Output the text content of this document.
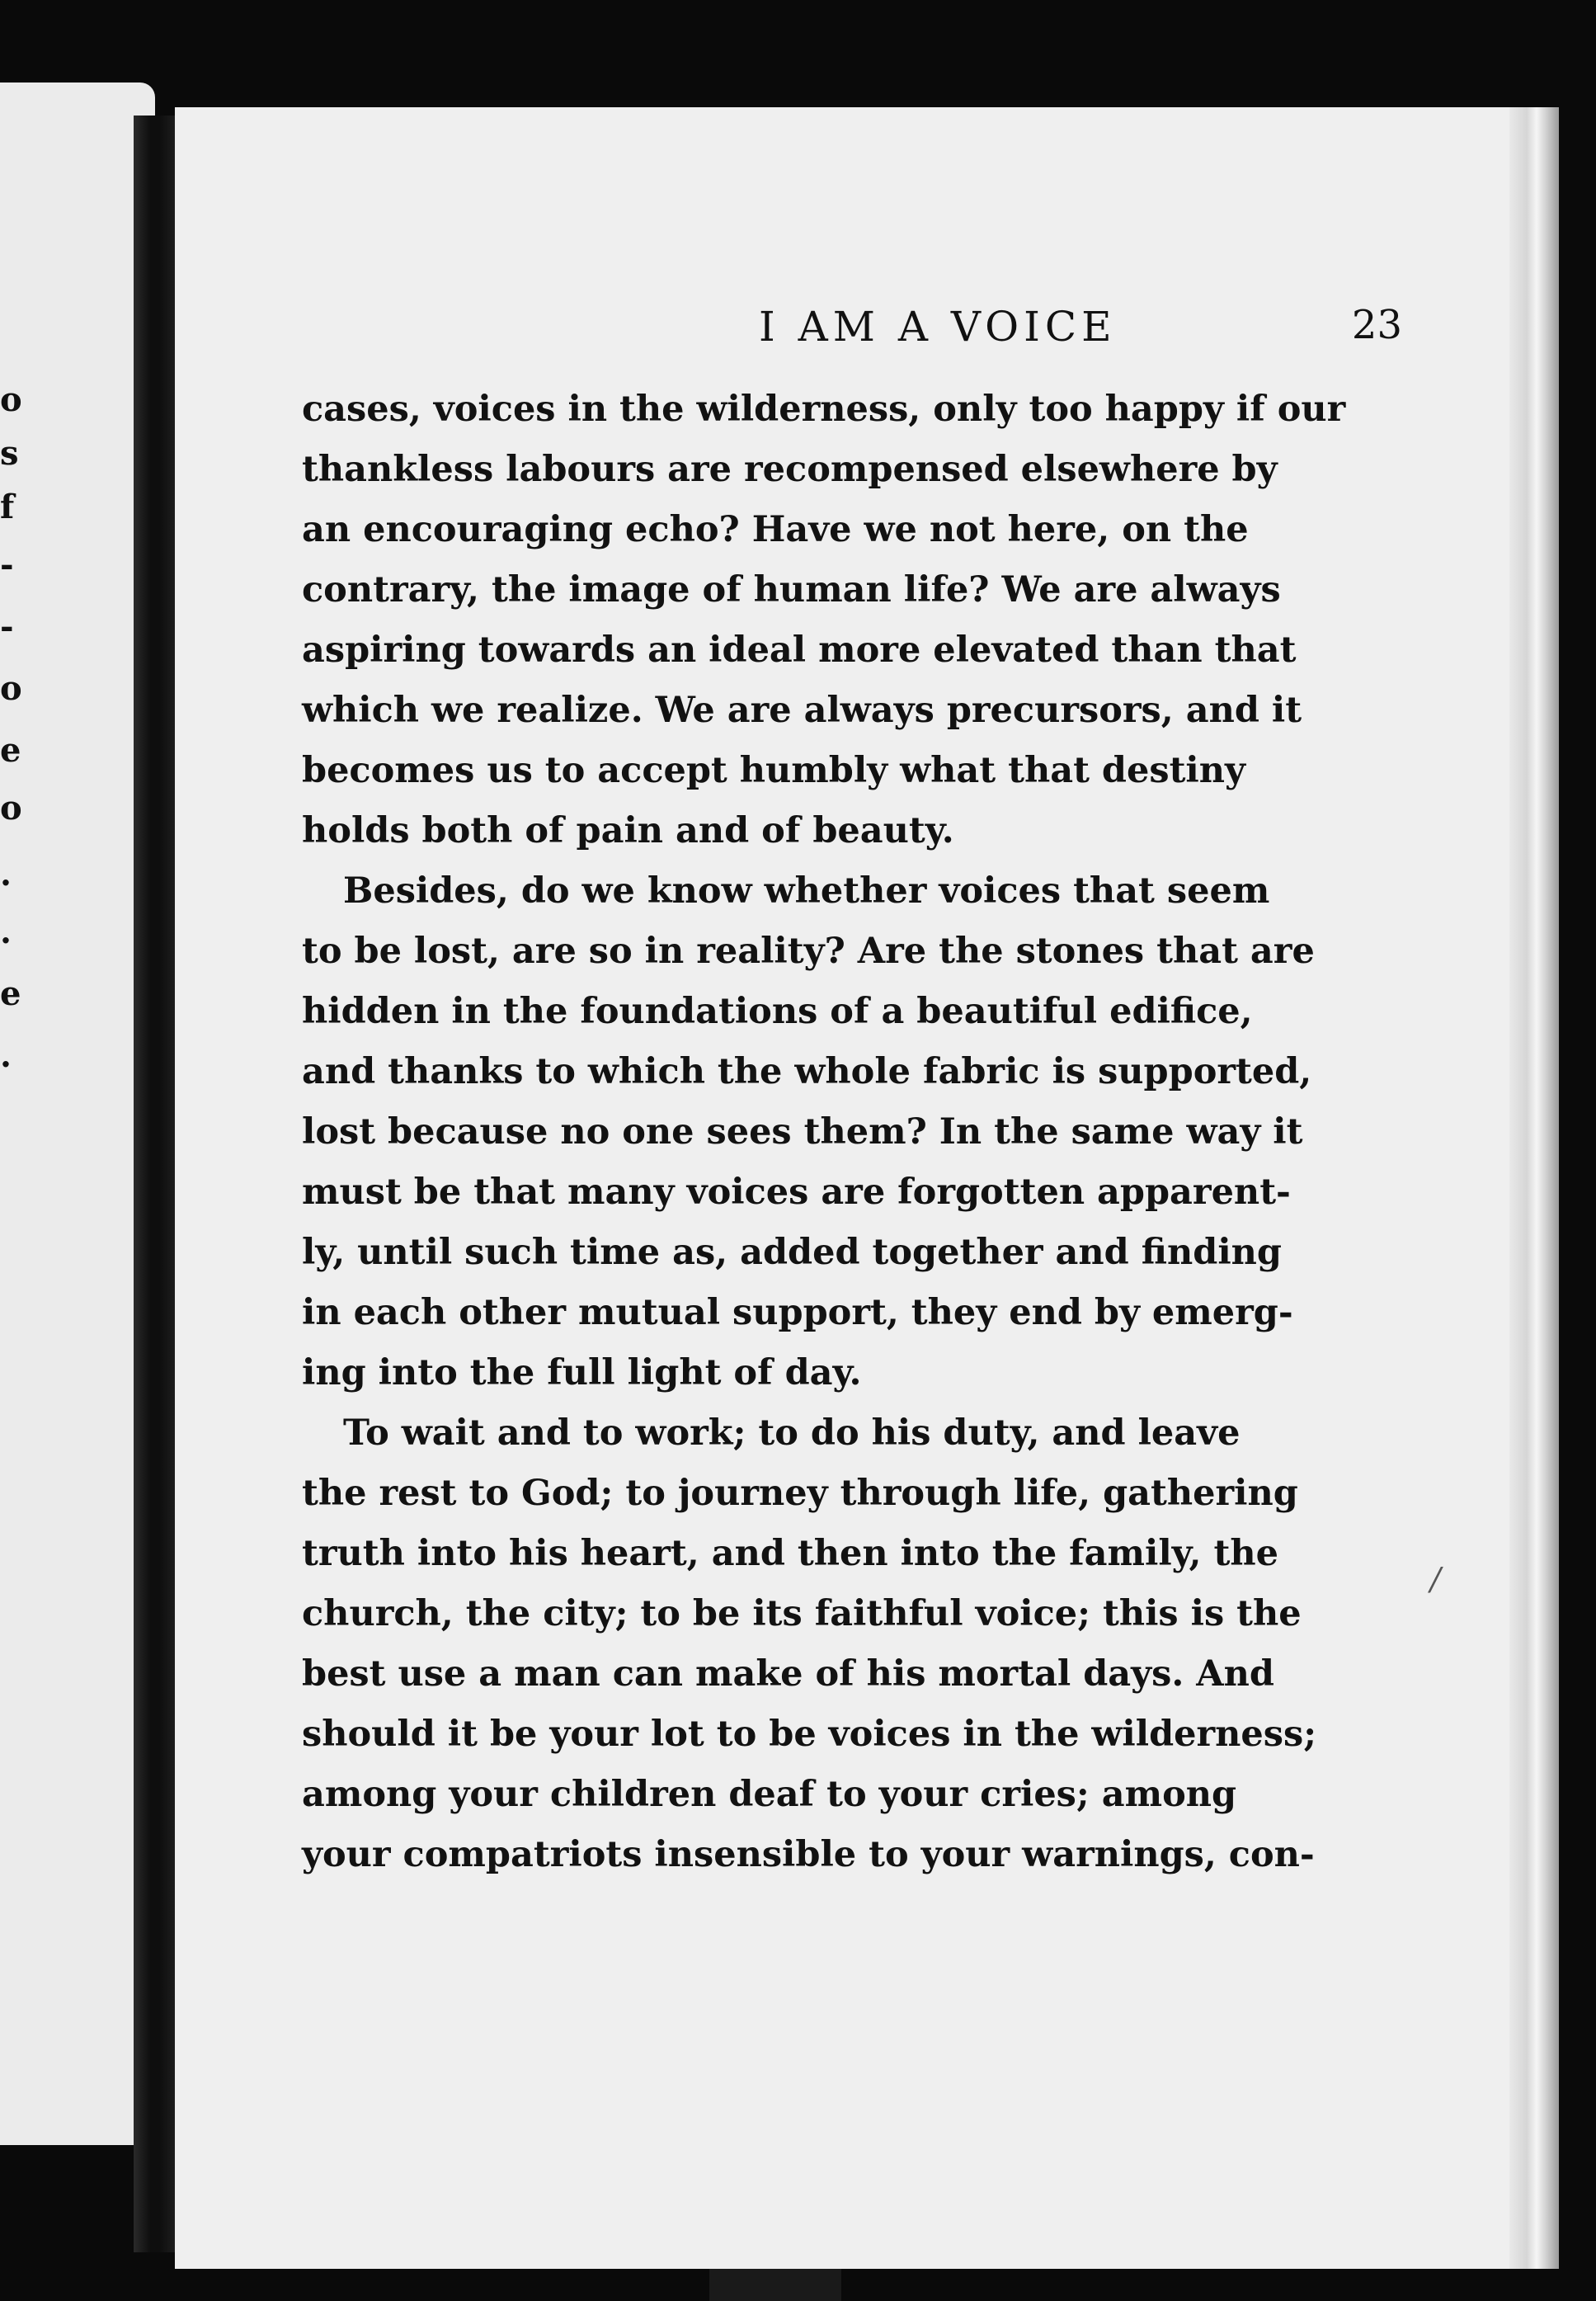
o
s
f
-
-
o
e
o
.
.
e
.
I AM A VOICE	23
cases, voices in the wilderness, only too happy if our
thankless labours are recompensed elsewhere by
an encouraging echo? Have we not here, on the
contrary, the image of human life? We are always
aspiring towards an ideal more elevated than that
which we realize. We are always precursors, and it
becomes us to accept humbly what that destiny
holds both of pain and of beauty.
Besides, do we know whether voices that seem
to be lost, are so in reality? Are the stones that are
hidden in the foundations of a beautiful edifice,
and thanks to which the whole fabric is supported,
lost because no one sees them? In the same way it
must be that many voices are forgotten apparent-
ly, until such time as, added together and finding
in each other mutual support, they end by emerg-
ing into the full light of day.
To wait and to work; to do his duty, and leave
the rest to God; to journey through life, gathering
truth into his heart, and then into the family, the
church, the city; to be its faithful voice; this is the
best use a man can make of his mortal days. And
should it be your lot to be voices in the wilderness;
among your children deaf to your cries; among
your compatriots insensible to your warnings, con-
/
